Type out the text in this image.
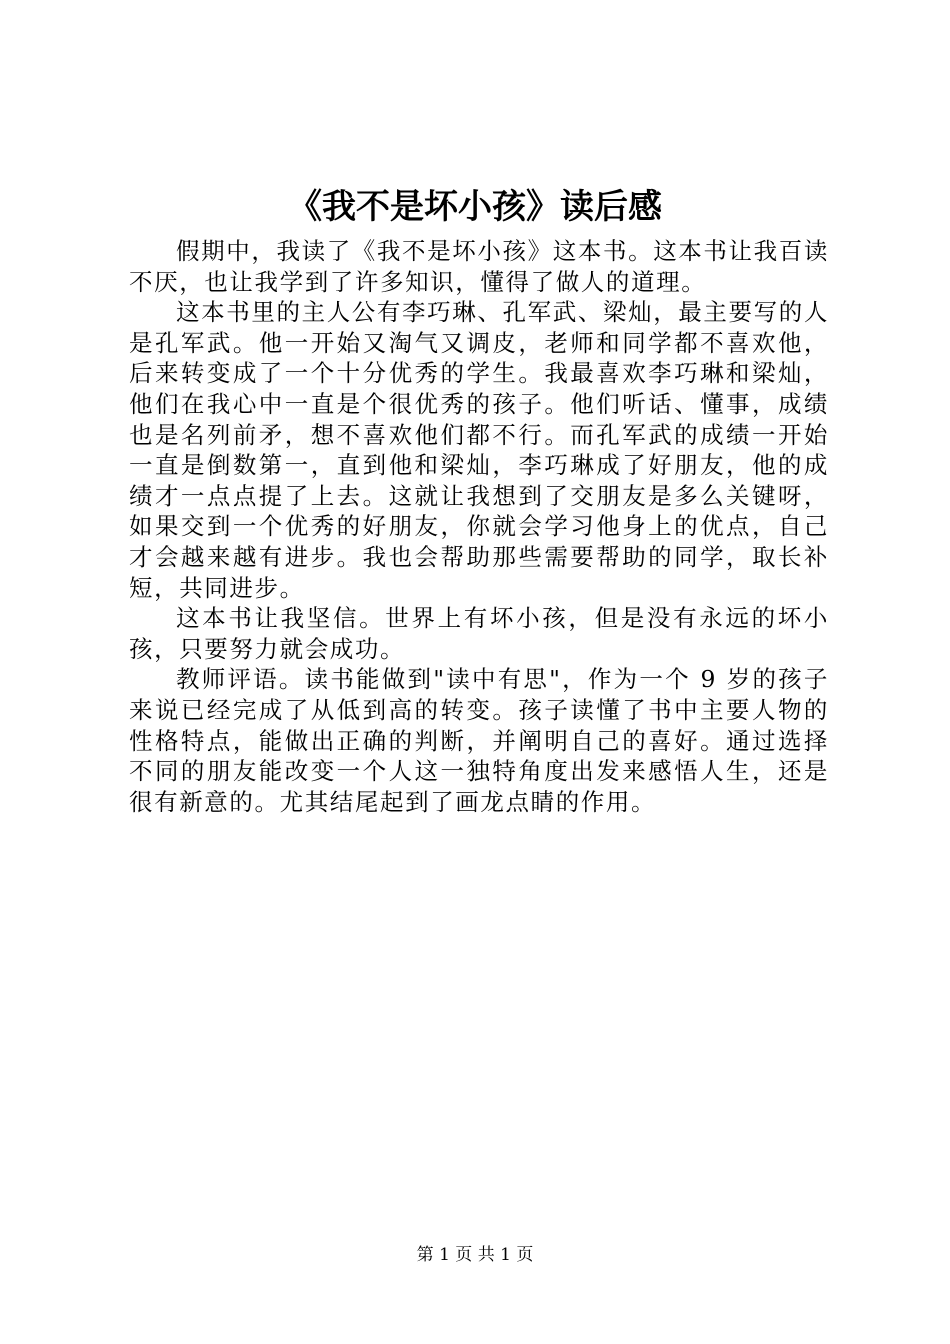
《我不是坏小孩》读后感

假期中，我读了《我不是坏小孩》这本书。这本书让我百读不厌，也让我学到了许多知识，懂得了做人的道理。

这本书里的主人公有李巧琳、孔军武、梁灿，最主要写的人是孔军武。他一开始又淘气又调皮，老师和同学都不喜欢他，后来转变成了一个十分优秀的学生。我最喜欢李巧琳和梁灿，他们在我心中一直是个很优秀的孩子。他们听话、懂事，成绩也是名列前矛，想不喜欢他们都不行。而孔军武的成绩一开始一直是倒数第一，直到他和梁灿，李巧琳成了好朋友，他的成绩才一点点提了上去。这就让我想到了交朋友是多么关键呀，如果交到一个优秀的好朋友，你就会学习他身上的优点，自己才会越来越有进步。我也会帮助那些需要帮助的同学，取长补短，共同进步。

这本书让我坚信。世界上有坏小孩，但是没有永远的坏小孩，只要努力就会成功。

教师评语。读书能做到"读中有思"，作为一个 9 岁的孩子来说已经完成了从低到高的转变。孩子读懂了书中主要人物的性格特点，能做出正确的判断，并阐明自己的喜好。通过选择不同的朋友能改变一个人这一独特角度出发来感悟人生，还是很有新意的。尤其结尾起到了画龙点睛的作用。

第 1 页 共 1 页
